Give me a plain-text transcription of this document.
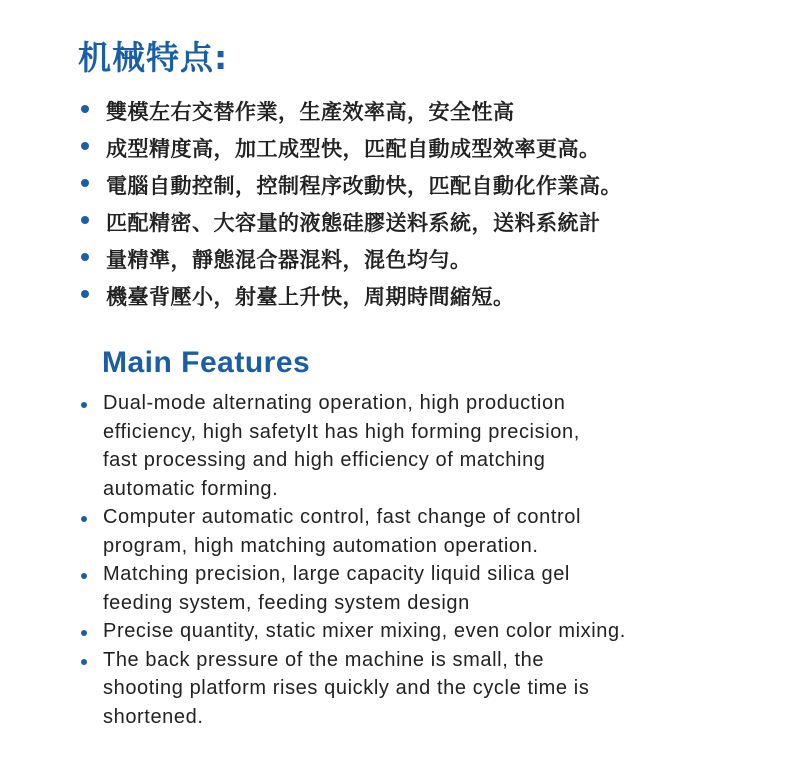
机械特点:
雙模左右交替作業，生產效率高，安全性高
成型精度高，加工成型快，匹配自動成型效率更高。
電腦自動控制，控制程序改動快，匹配自動化作業高。
匹配精密、大容量的液態硅膠送料系統，送料系統計
量精準，靜態混合器混料，混色均勻。
機臺背壓小，射臺上升快，周期時間縮短。
Main Features
Dual-mode alternating operation, high production
efficiency, high safetyIt has high forming precision,
fast processing and high efficiency of matching
automatic forming.
Computer automatic control, fast change of control
program, high matching automation operation.
Matching precision, large capacity liquid silica gel
feeding system, feeding system design
Precise quantity, static mixer mixing, even color mixing.
The back pressure of the machine is small, the
shooting platform rises quickly and the cycle time is
shortened.
